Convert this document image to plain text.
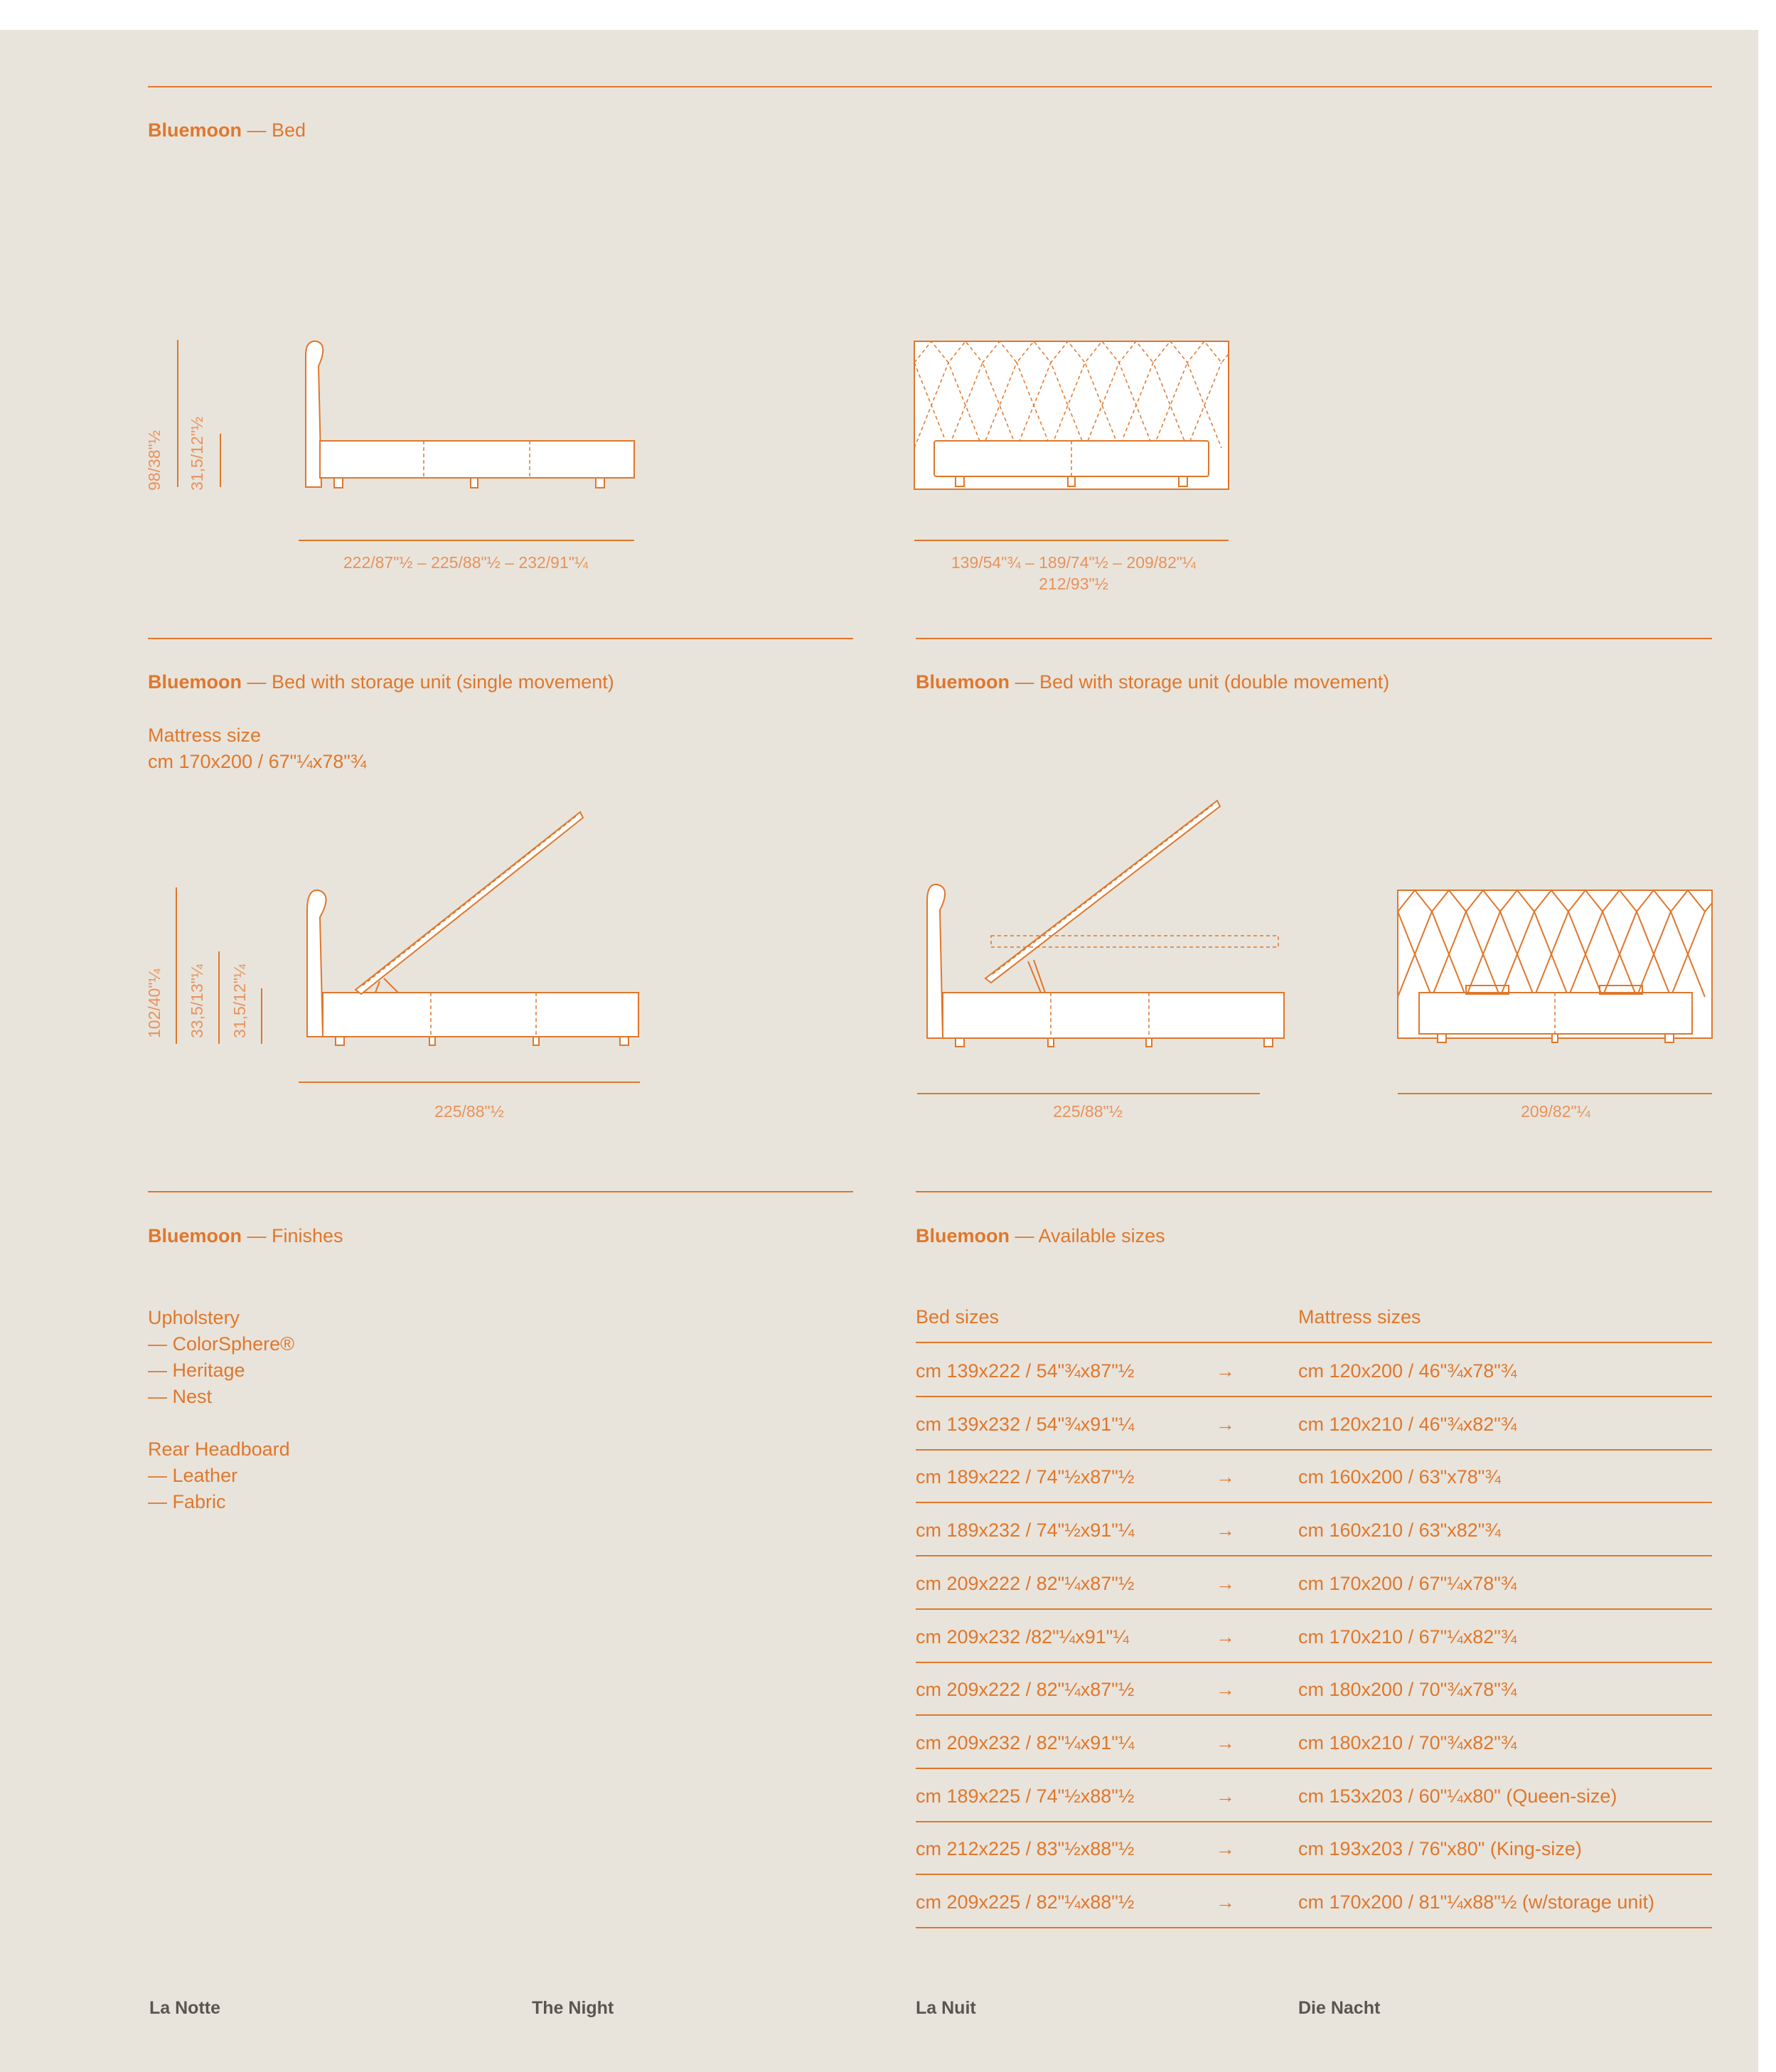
Bluemoon — Bed
98/38"½ 31,5/12"½
222/87"½ – 225/88"½ – 232/91"¼	139/54"¾ – 189/74"½ – 209/82"¼
212/93"½
Bluemoon — Bed with storage unit (single movement)
Mattress size
cm 170x200 / 67"¼x78"¾
102/40"¼ 33,5/13"¼ 31,5/12"¼
225/88"½
Bluemoon — Bed with storage unit (double movement)
225/88"½	209/82"¼
Bluemoon — Finishes
Upholstery
— ColorSphere®
— Heritage
— Nest
Rear Headboard
— Leather
— Fabric
Bluemoon — Available sizes
Bed sizes	Mattress sizes
cm 139x222 / 54"¾x87"½	→	cm 120x200 / 46"¾x78"¾
cm 139x232 / 54"¾x91"¼	→	cm 120x210 / 46"¾x82"¾
cm 189x222 / 74"½x87"½	→	cm 160x200 / 63"x78"¾
cm 189x232 / 74"½x91"¼	→	cm 160x210 / 63"x82"¾
cm 209x222 / 82"¼x87"½	→	cm 170x200 / 67"¼x78"¾
cm 209x232 /82"¼x91"¼	→	cm 170x210 / 67"¼x82"¾
cm 209x222 / 82"¼x87"½	→	cm 180x200 / 70"¾x78"¾
cm 209x232 / 82"¼x91"¼	→	cm 180x210 / 70"¾x82"¾
cm 189x225 / 74"½x88"½	→	cm 153x203 / 60"¼x80" (Queen-size)
cm 212x225 / 83"½x88"½	→	cm 193x203 / 76"x80" (King-size)
cm 209x225 / 82"¼x88"½	→	cm 170x200 / 81"¼x88"½ (w/storage unit)
La Notte	The Night	La Nuit	Die Nacht
